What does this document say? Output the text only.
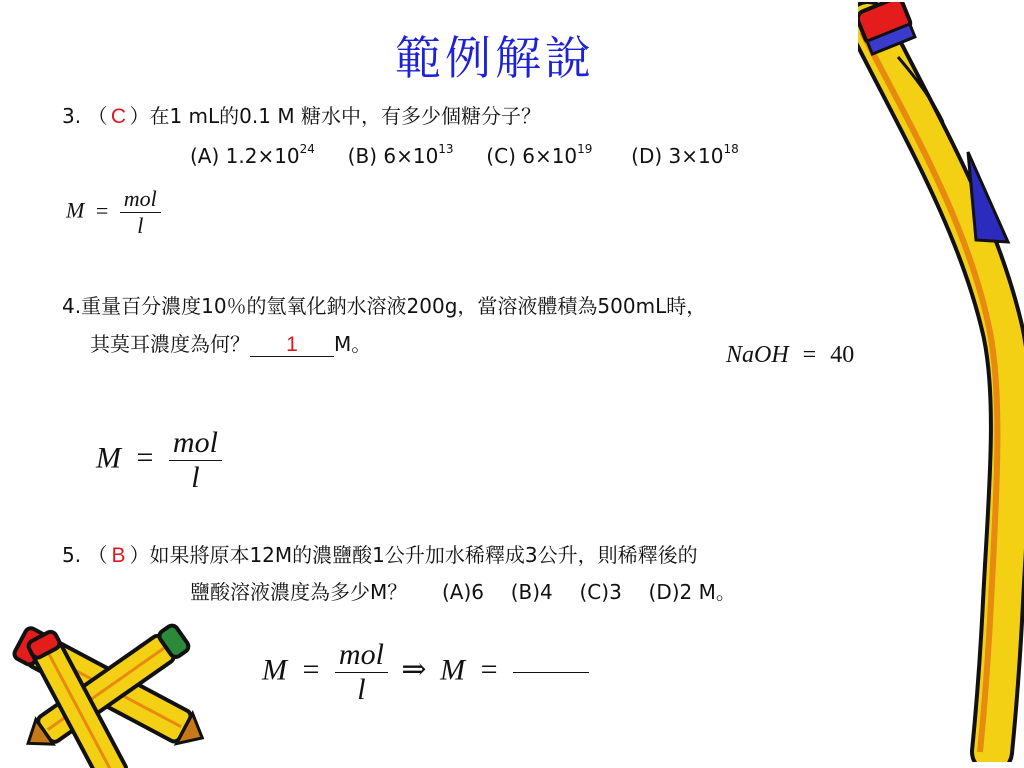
範例解說
3. （ C ）在1 mL的0.1 M 糖水中，有多少個糖分子？
(A) $1.2\times 10^{24}$ (B) $6\times 10^{13}$ (C) $6\times 10^{19}$ (D) $3\times 10^{18}$
$M = \frac{\text{mol}}{l}$
4.重量百分濃度10％的氫氧化鈉水溶液200g，當溶液體積為500mL時，
其莫耳濃度為何？ 1 M。	NaOH = 40
$M = \frac{\text{mol}}{l}$
5. （ B ）如果將原本12M的濃鹽酸1公升加水稀釋成3公升，則稀釋後的
鹽酸溶液濃度為多少M？ (A)6 (B)4 (C)3 (D)2 M。
$M = \frac{\text{mol}}{l}$ ⇒ M =
